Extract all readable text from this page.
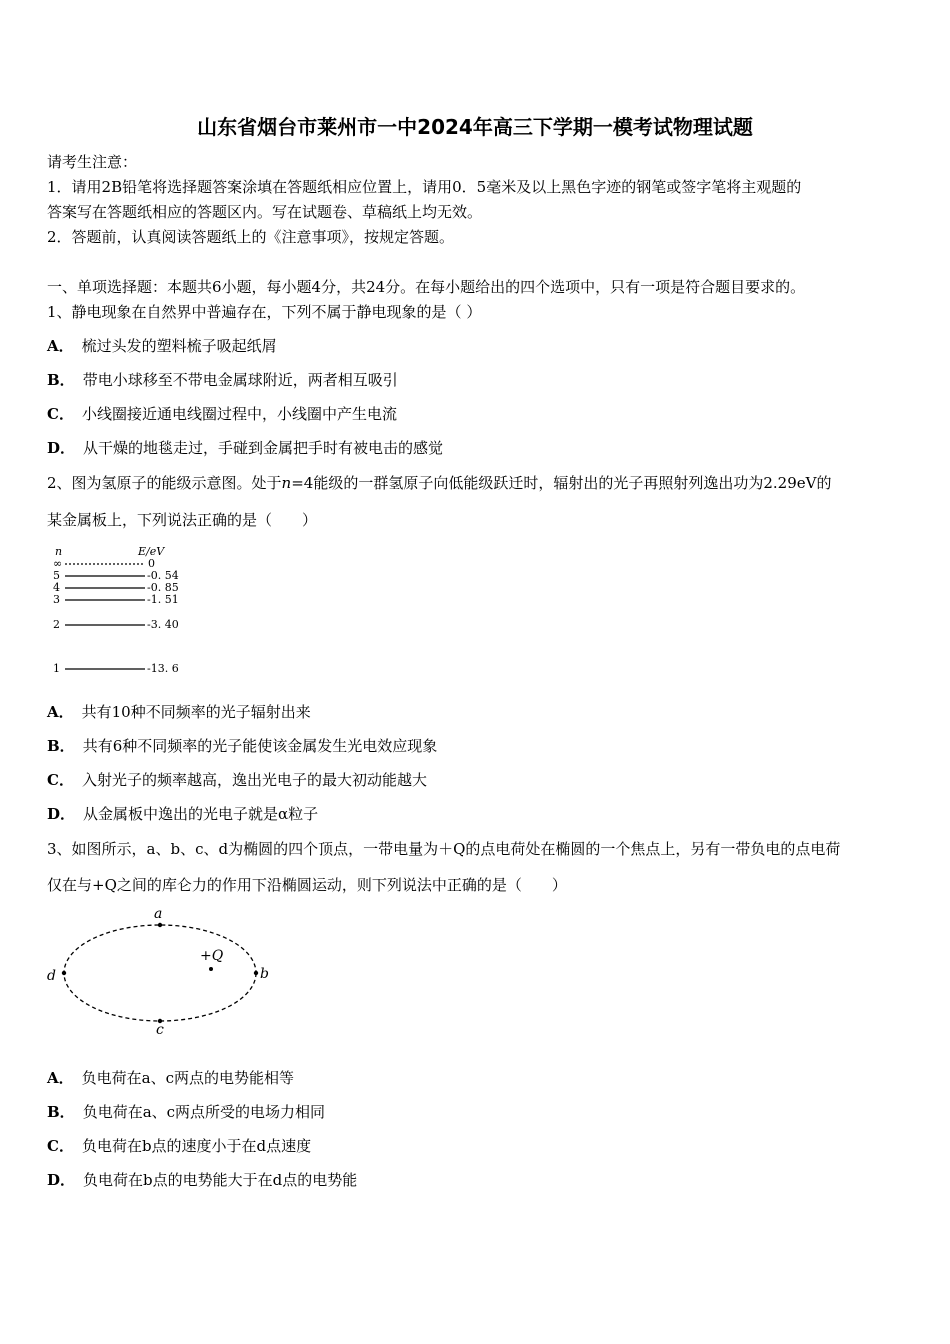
山东省烟台市莱州市一中2024年高三下学期一模考试物理试题
请考生注意：
1．请用2B铅笔将选择题答案涂填在答题纸相应位置上，请用0．5毫米及以上黑色字迹的钢笔或签字笔将主观题的
答案写在答题纸相应的答题区内。写在试题卷、草稿纸上均无效。
2．答题前，认真阅读答题纸上的《注意事项》，按规定答题。
一、单项选择题：本题共6小题，每小题4分，共24分。在每小题给出的四个选项中，只有一项是符合题目要求的。
1、静电现象在自然界中普遍存在，下列不属于静电现象的是（ ）
A． 梳过头发的塑料梳子吸起纸屑
B． 带电小球移至不带电金属球附近，两者相互吸引
C． 小线圈接近通电线圈过程中，小线圈中产生电流
D． 从干燥的地毯走过，手碰到金属把手时有被电击的感觉
2、图为氢原子的能级示意图。处于n=4能级的一群氢原子向低能级跃迁时，辐射出的光子再照射列逸出功为2.29eV的
某金属板上，下列说法正确的是（　　）
n	E/eV
∞	0
5	-0. 54
4	-0. 85
3	-1. 51
2	-3. 40
1	-13. 6
A． 共有10种不同频率的光子辐射出来
B． 共有6种不同频率的光子能使该金属发生光电效应现象
C． 入射光子的频率越高，逸出光电子的最大初动能越大
D． 从金属板中逸出的光电子就是α粒子
3、如图所示，a、b、c、d为椭圆的四个顶点，一带电量为＋Q的点电荷处在椭圆的一个焦点上，另有一带负电的点电荷
仅在与+Q之间的库仑力的作用下沿椭圆运动，则下列说法中正确的是（　　）
a
b
c
d
+Q
A． 负电荷在a、c两点的电势能相等
B． 负电荷在a、c两点所受的电场力相同
C． 负电荷在b点的速度小于在d点速度
D． 负电荷在b点的电势能大于在d点的电势能
